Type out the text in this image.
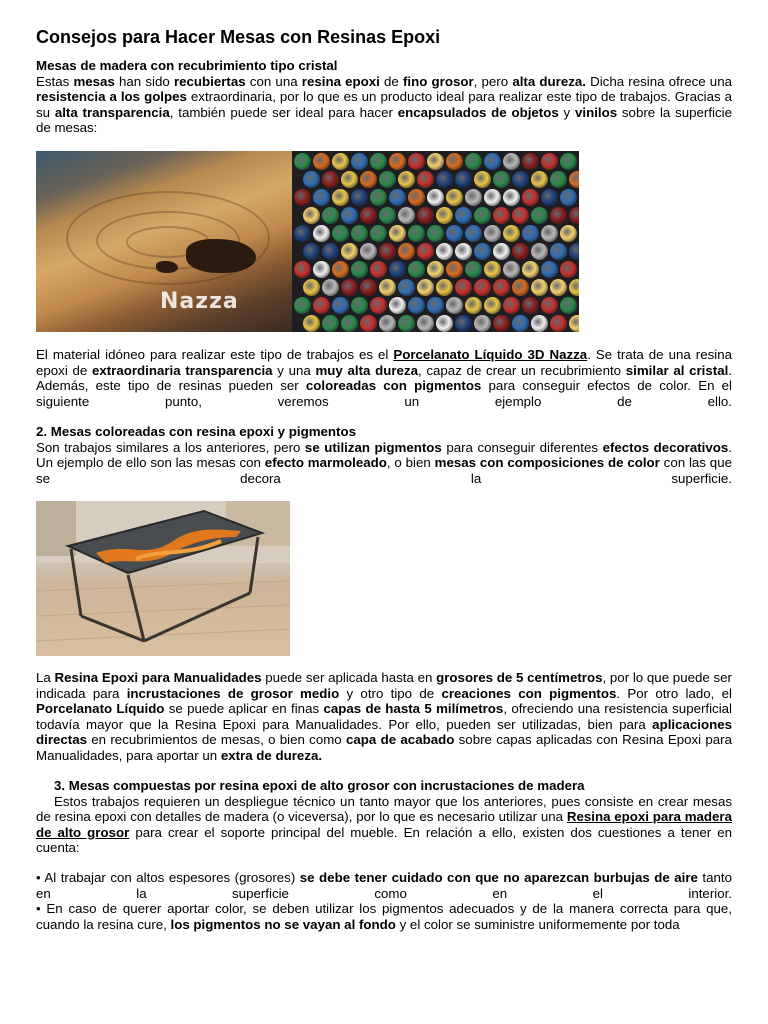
Consejos para Hacer Mesas con Resinas Epoxi
Mesas de madera con recubrimiento tipo cristal

Estas mesas han sido recubiertas con una resina epoxi de fino grosor, pero alta dureza. Dicha resina ofrece una resistencia a los golpes extraordinaria, por lo que es un producto ideal para realizar este tipo de trabajos. Gracias a su alta transparencia, también puede ser ideal para hacer encapsulados de objetos y vinilos sobre la superficie de mesas:

Nazza

El material idóneo para realizar este tipo de trabajos es el Porcelanato Líquido 3D Nazza. Se trata de una resina epoxi de extraordinaria transparencia y una muy alta dureza, capaz de crear un recubrimiento similar al cristal. Además, este tipo de resinas pueden ser coloreadas con pigmentos para conseguir efectos de color. En el siguiente punto, veremos un ejemplo de ello.

2. Mesas coloreadas con resina epoxi y pigmentos

Son trabajos similares a los anteriores, pero se utilizan pigmentos para conseguir diferentes efectos decorativos. Un ejemplo de ello son las mesas con efecto marmoleado, o bien mesas con composiciones de color con las que se decora la superficie.

La Resina Epoxi para Manualidades puede ser aplicada hasta en grosores de 5 centímetros, por lo que puede ser indicada para incrustaciones de grosor medio y otro tipo de creaciones con pigmentos. Por otro lado, el Porcelanato Líquido se puede aplicar en finas capas de hasta 5 milímetros, ofreciendo una resistencia superficial todavía mayor que la Resina Epoxi para Manualidades. Por ello, pueden ser utilizadas, bien para aplicaciones directas en recubrimientos de mesas, o bien como capa de acabado sobre capas aplicadas con Resina Epoxi para Manualidades, para aportar un extra de dureza.

3. Mesas compuestas por resina epoxi de alto grosor con incrustaciones de madera

Estos trabajos requieren un despliegue técnico un tanto mayor que los anteriores, pues consiste en crear mesas de resina epoxi con detalles de madera (o viceversa), por lo que es necesario utilizar una Resina epoxi para madera de alto grosor para crear el soporte principal del mueble. En relación a ello, existen dos cuestiones a tener en cuenta:

• Al trabajar con altos espesores (grosores) se debe tener cuidado con que no aparezcan burbujas de aire tanto en la superficie como en el interior.

• En caso de querer aportar color, se deben utilizar los pigmentos adecuados y de la manera correcta para que, cuando la resina cure, los pigmentos no se vayan al fondo y el color se suministre uniformemente por toda
